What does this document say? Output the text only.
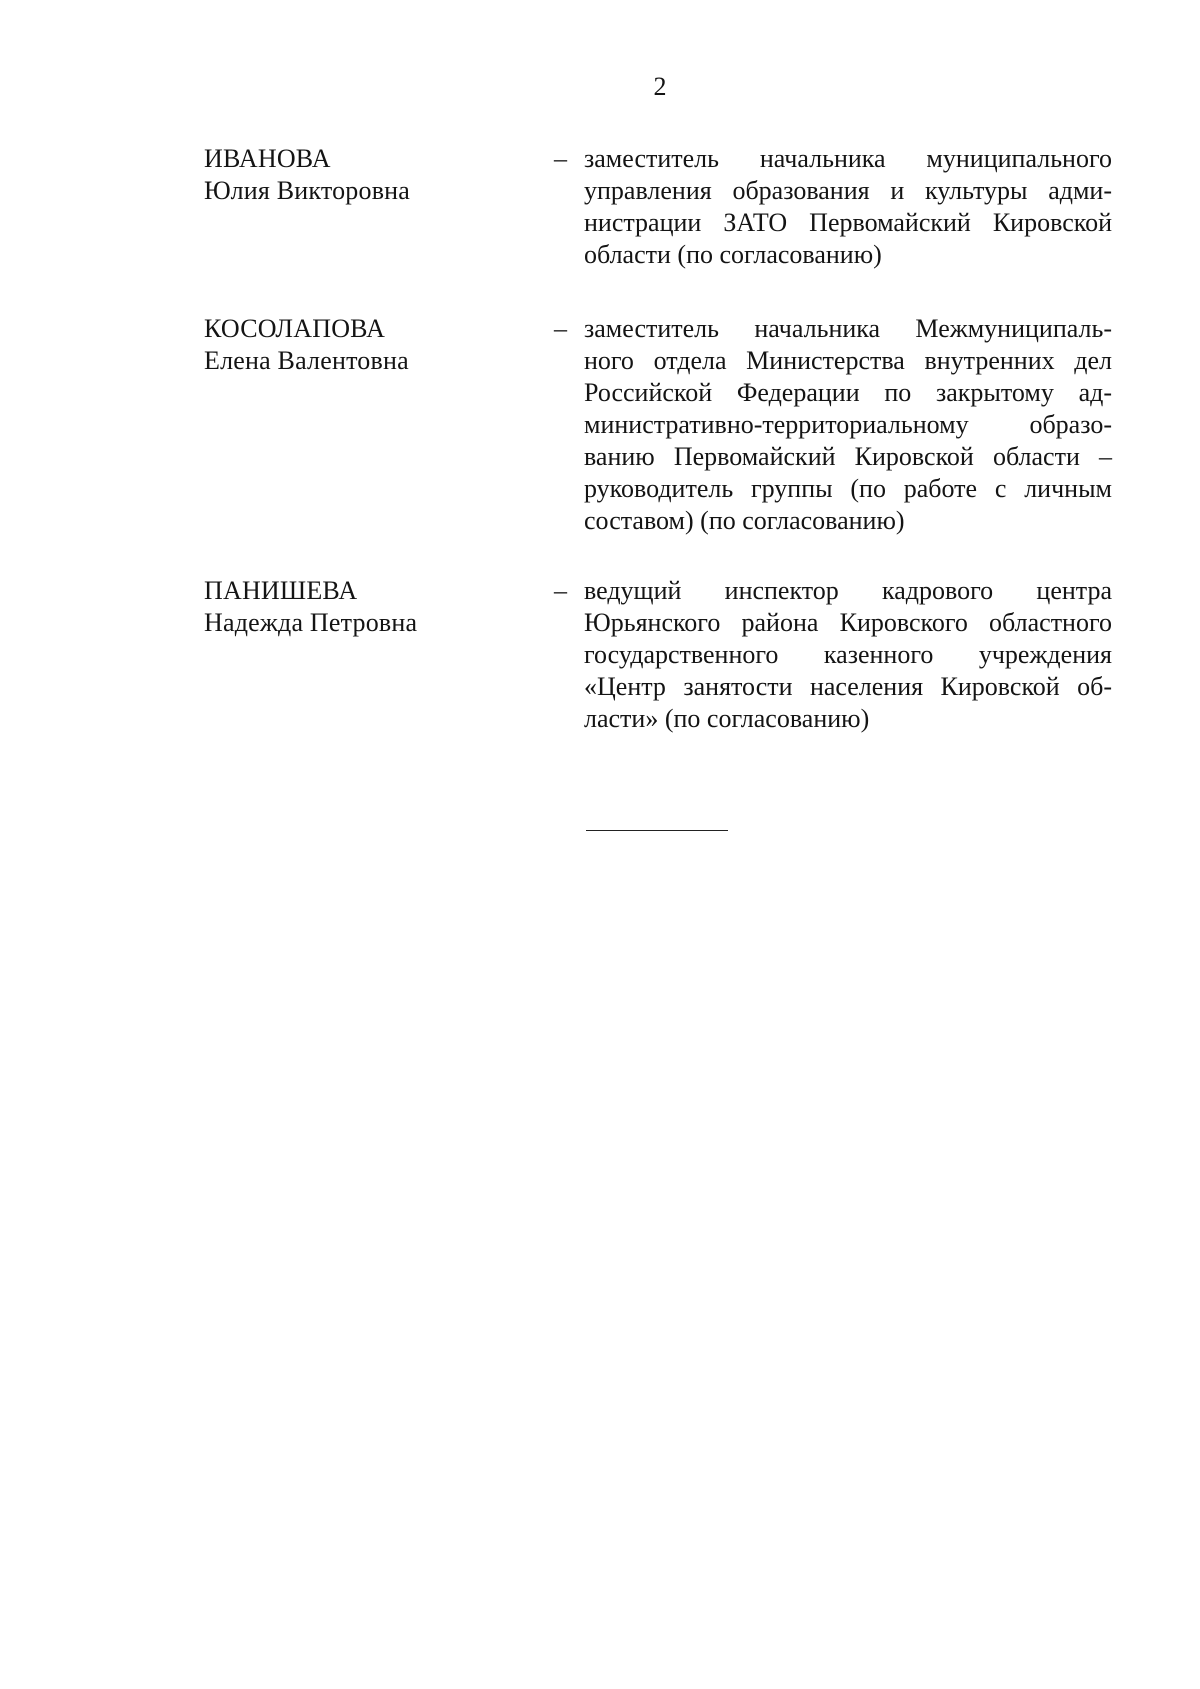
2
ИВАНОВА
Юлия Викторовна
– заместитель начальника муниципального
управления образования и культуры адми-
нистрации ЗАТО Первомайский Кировской
области (по согласованию)
КОСОЛАПОВА
Елена Валентовна
– заместитель начальника Межмуниципаль-
ного отдела Министерства внутренних дел
Российской Федерации по закрытому ад-
министративно-территориальному образо-
ванию Первомайский Кировской области –
руководитель группы (по работе с личным
составом) (по согласованию)
ПАНИШЕВА
Надежда Петровна
– ведущий инспектор кадрового центра
Юрьянского района Кировского областного
государственного казенного учреждения
«Центр занятости населения Кировской об-
ласти» (по согласованию)
